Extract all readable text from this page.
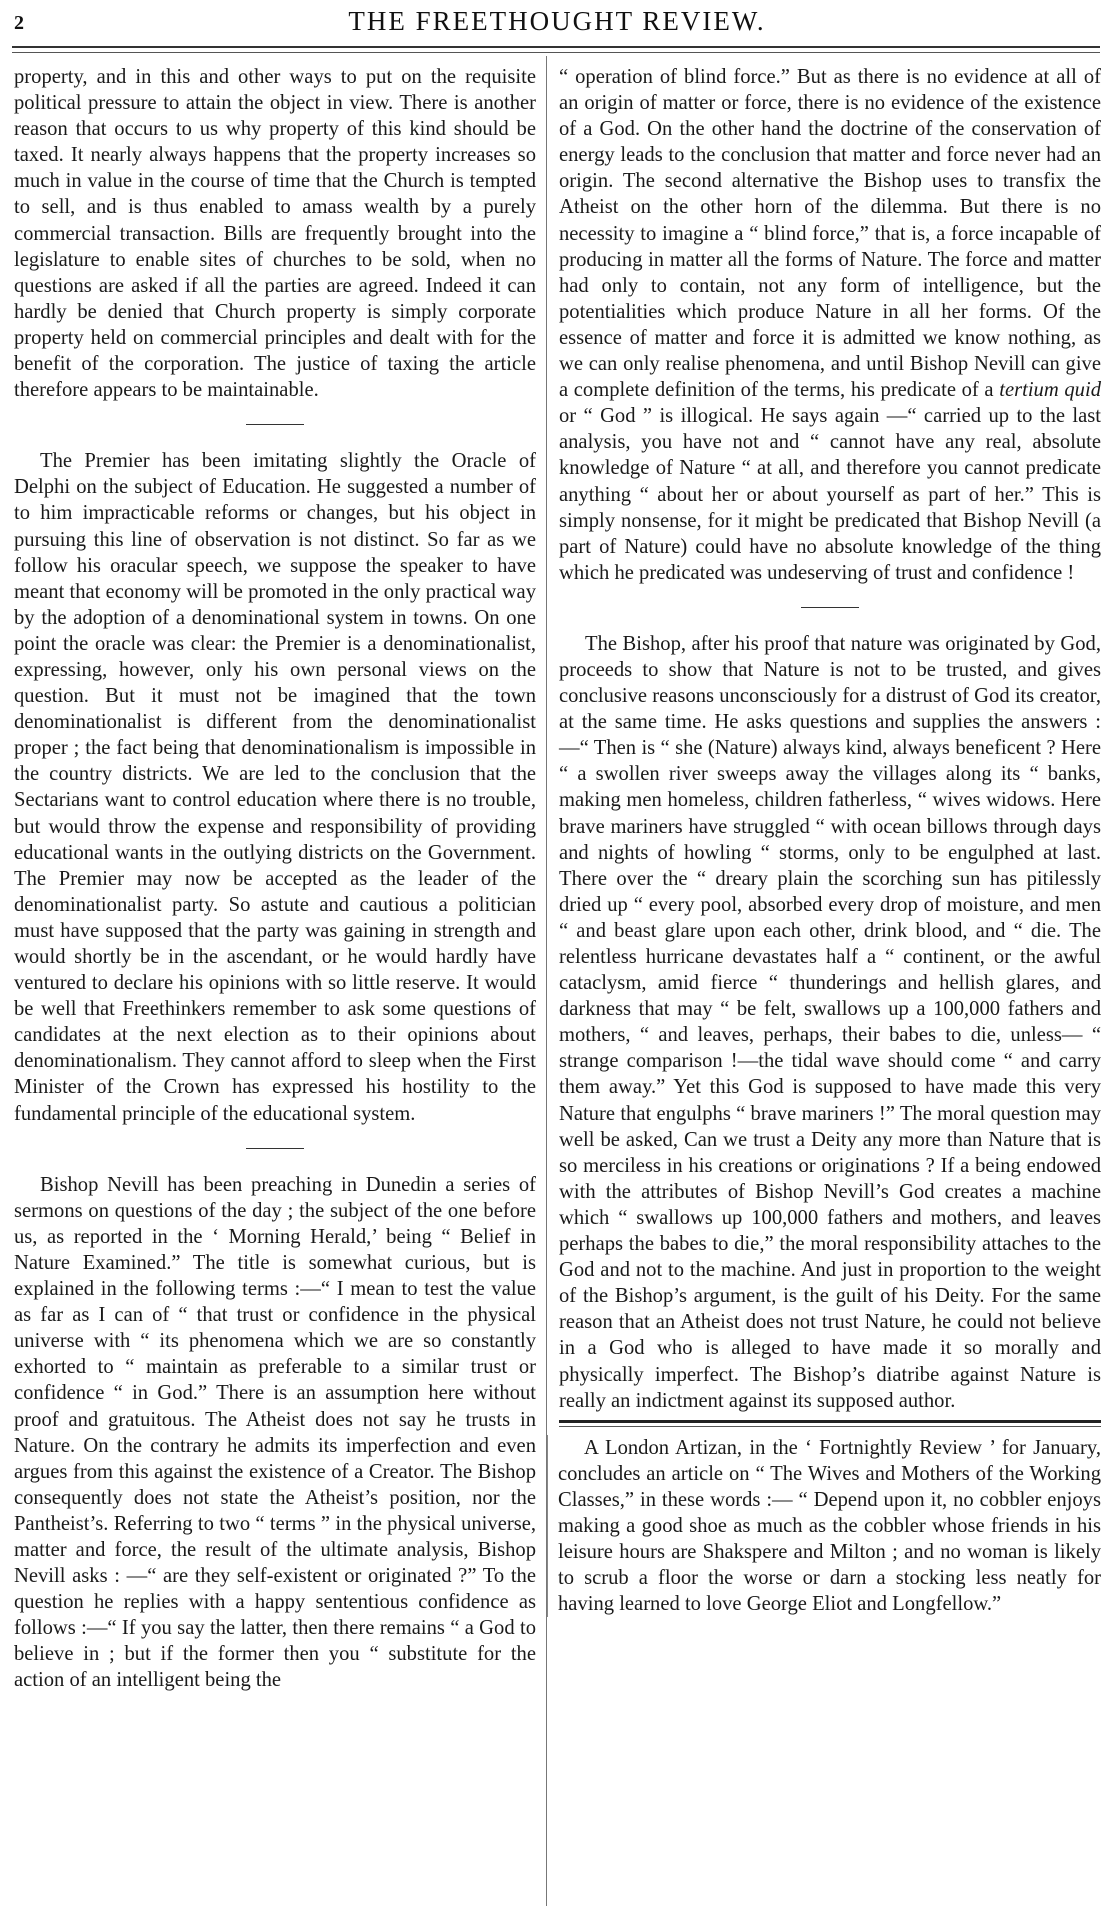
2	THE FREETHOUGHT REVIEW.

property, and in this and other ways to put on the requisite political pressure to attain the object in view. There is another reason that occurs to us why property of this kind should be taxed. It nearly always happens that the property increases so much in value in the course of time that the Church is tempted to sell, and is thus enabled to amass wealth by a purely commercial transaction. Bills are frequently brought into the legislature to enable sites of churches to be sold, when no questions are asked if all the parties are agreed. Indeed it can hardly be denied that Church property is simply corporate property held on commercial principles and dealt with for the benefit of the corporation. The justice of taxing the article therefore appears to be maintainable.

The Premier has been imitating slightly the Oracle of Delphi on the subject of Education. He suggested a number of to him impracticable reforms or changes, but his object in pursuing this line of observation is not distinct. So far as we follow his oracular speech, we suppose the speaker to have meant that economy will be promoted in the only practical way by the adoption of a denominational system in towns. On one point the oracle was clear: the Premier is a denominationalist, expressing, however, only his own personal views on the question. But it must not be imagined that the town denominationalist is different from the denominationalist proper ; the fact being that denominationalism is impossible in the country districts. We are led to the conclusion that the Sectarians want to control education where there is no trouble, but would throw the expense and responsibility of providing educational wants in the outlying districts on the Government. The Premier may now be accepted as the leader of the denominationalist party. So astute and cautious a politician must have supposed that the party was gaining in strength and would shortly be in the ascendant, or he would hardly have ventured to declare his opinions with so little reserve. It would be well that Freethinkers remember to ask some questions of candidates at the next election as to their opinions about denominationalism. They cannot afford to sleep when the First Minister of the Crown has expressed his hostility to the fundamental principle of the educational system.

Bishop Nevill has been preaching in Dunedin a series of sermons on questions of the day ; the subject of the one before us, as reported in the ‘ Morning Herald,’ being “ Belief in Nature Examined.” The title is somewhat curious, but is explained in the following terms :—“ I mean to test the value as far as I can of “ that trust or confidence in the physical universe with “ its phenomena which we are so constantly exhorted to “ maintain as preferable to a similar trust or confidence “ in God.” There is an assumption here without proof and gratuitous. The Atheist does not say he trusts in Nature. On the contrary he admits its imperfection and even argues from this against the existence of a Creator. The Bishop consequently does not state the Atheist’s position, nor the Pantheist’s. Referring to two “ terms ” in the physical universe, matter and force, the result of the ultimate analysis, Bishop Nevill asks : —“ are they self-existent or originated ?” To the question he replies with a happy sententious confidence as follows :—“ If you say the latter, then there remains “ a God to believe in ; but if the former then you “ substitute for the action of an intelligent being the

“ operation of blind force.” But as there is no evidence at all of an origin of matter or force, there is no evidence of the existence of a God. On the other hand the doctrine of the conservation of energy leads to the conclusion that matter and force never had an origin. The second alternative the Bishop uses to transfix the Atheist on the other horn of the dilemma. But there is no necessity to imagine a “ blind force,” that is, a force incapable of producing in matter all the forms of Nature. The force and matter had only to contain, not any form of intelligence, but the potentialities which produce Nature in all her forms. Of the essence of matter and force it is admitted we know nothing, as we can only realise phenomena, and until Bishop Nevill can give a complete definition of the terms, his predicate of a tertium quid or “ God ” is illogical. He says again —“ carried up to the last analysis, you have not and “ cannot have any real, absolute knowledge of Nature “ at all, and therefore you cannot predicate anything “ about her or about yourself as part of her.” This is simply nonsense, for it might be predicated that Bishop Nevill (a part of Nature) could have no absolute knowledge of the thing which he predicated was undeserving of trust and confidence !

The Bishop, after his proof that nature was originated by God, proceeds to show that Nature is not to be trusted, and gives conclusive reasons unconsciously for a distrust of God its creator, at the same time. He asks questions and supplies the answers :—“ Then is “ she (Nature) always kind, always beneficent ? Here “ a swollen river sweeps away the villages along its “ banks, making men homeless, children fatherless, “ wives widows. Here brave mariners have struggled “ with ocean billows through days and nights of howling “ storms, only to be engulphed at last. There over the “ dreary plain the scorching sun has pitilessly dried up “ every pool, absorbed every drop of moisture, and men “ and beast glare upon each other, drink blood, and “ die. The relentless hurricane devastates half a “ continent, or the awful cataclysm, amid fierce “ thunderings and hellish glares, and darkness that may “ be felt, swallows up a 100,000 fathers and mothers, “ and leaves, perhaps, their babes to die, unless— “ strange comparison !—the tidal wave should come “ and carry them away.” Yet this God is supposed to have made this very Nature that engulphs “ brave mariners !” The moral question may well be asked, Can we trust a Deity any more than Nature that is so merciless in his creations or originations ? If a being endowed with the attributes of Bishop Nevill’s God creates a machine which “ swallows up 100,000 fathers and mothers, and leaves perhaps the babes to die,” the moral responsibility attaches to the God and not to the machine. And just in proportion to the weight of the Bishop’s argument, is the guilt of his Deity. For the same reason that an Atheist does not trust Nature, he could not believe in a God who is alleged to have made it so morally and physically imperfect. The Bishop’s diatribe against Nature is really an indictment against its supposed author.

A London Artizan, in the ‘ Fortnightly Review ’ for January, concludes an article on “ The Wives and Mothers of the Working Classes,” in these words :— “ Depend upon it, no cobbler enjoys making a good shoe as much as the cobbler whose friends in his leisure hours are Shakspere and Milton ; and no woman is likely to scrub a floor the worse or darn a stocking less neatly for having learned to love George Eliot and Longfellow.”
